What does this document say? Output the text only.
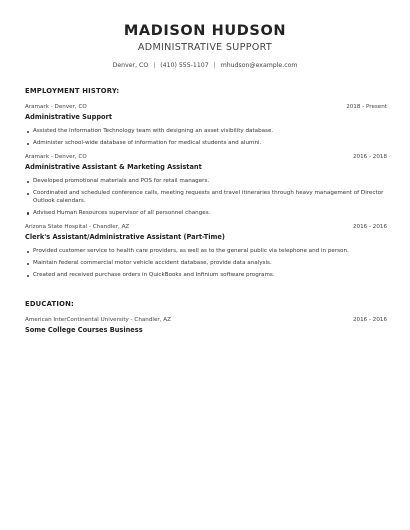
MADISON HUDSON
ADMINISTRATIVE SUPPORT
Denver, CO | (410) 555-1107 | mhudson@example.com
EMPLOYMENT HISTORY:
Aramark - Denver, CO	2018 - Present
Administrative Support
Assisted the Information Technology team with designing an asset visibility database.
Administer school-wide database of information for medical students and alumni.
Aramark - Denver, CO	2016 - 2018
Administrative Assistant & Marketing Assistant
Developed promotional materials and POS for retail managers.
Coordinated and scheduled conference calls, meeting requests and travel itineraries through heavy management of Director Outlook calendars.
Advised Human Resources supervisor of all personnel changes.
Arizona State Hospital - Chandler, AZ	2016 - 2016
Clerk's Assistant/Administrative Assistant (Part-Time)
Provided customer service to health care providers, as well as to the general public via telephone and in person.
Maintain federal commercial motor vehicle accident database, provide data analysis.
Created and received purchase orders in QuickBooks and Infinium software programs.
EDUCATION:
American InterContinental University - Chandler, AZ	2016 - 2016
Some College Courses Business
